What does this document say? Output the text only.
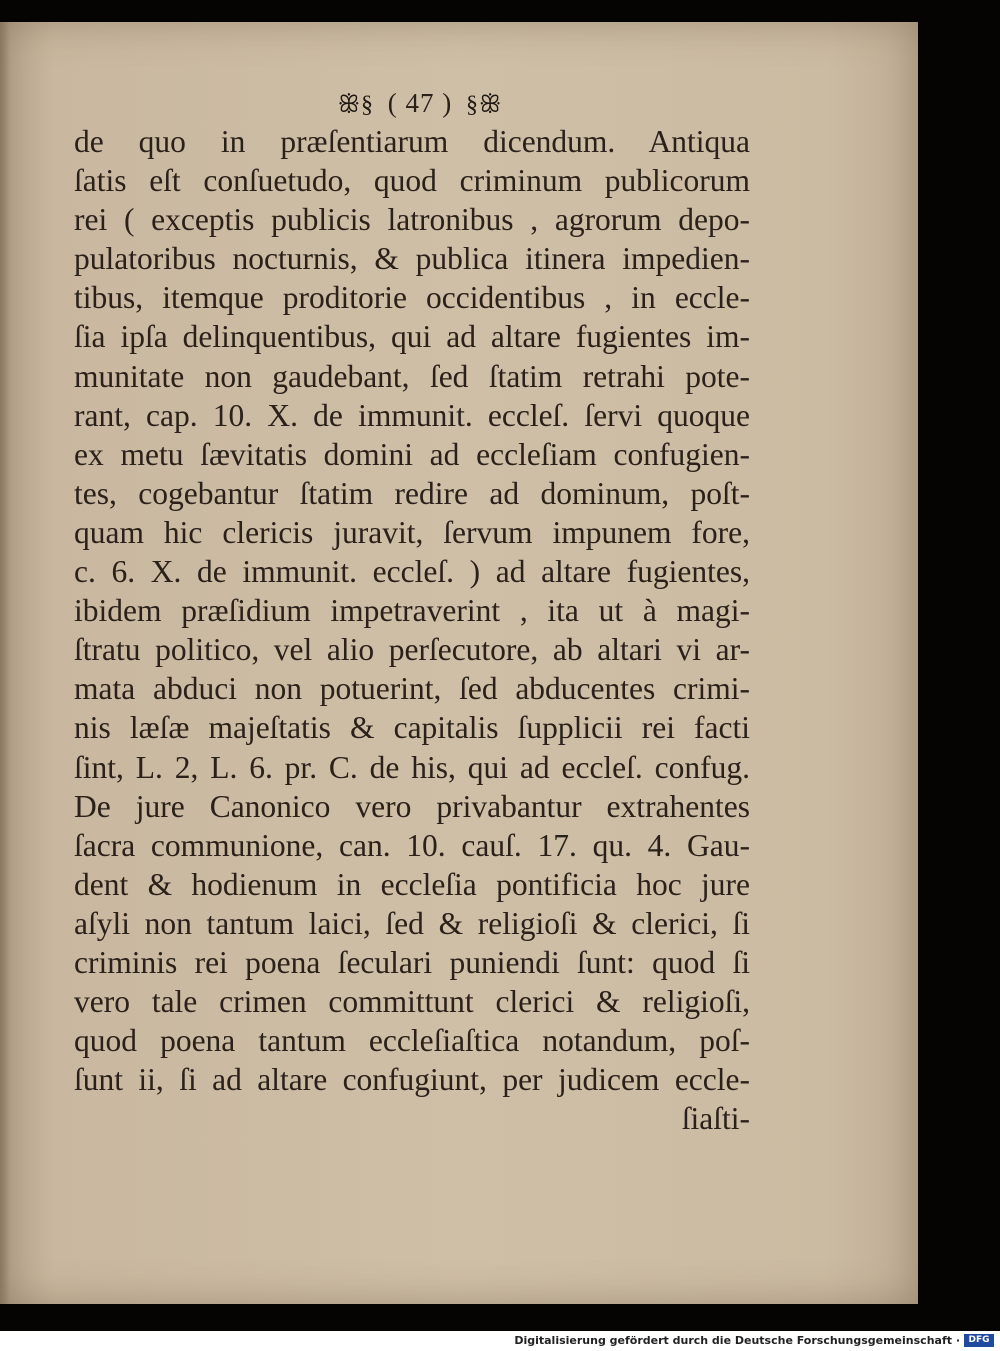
ꕥ§ ( 47 ) §ꕥ
de quo in præſentiarum dicendum. Antiqua
ſatis eſt conſuetudo, quod criminum publicorum
rei ( exceptis publicis latronibus , agrorum depo-
pulatoribus nocturnis, & publica itinera impedien-
tibus, itemque proditorie occidentibus , in eccle-
ſia ipſa delinquentibus, qui ad altare fugientes im-
munitate non gaudebant, ſed ſtatim retrahi pote-
rant, cap. 10. X. de immunit. eccleſ. ſervi quoque
ex metu ſævitatis domini ad eccleſiam confugien-
tes, cogebantur ſtatim redire ad dominum, poſt-
quam hic clericis juravit, ſervum impunem fore,
c. 6. X. de immunit. eccleſ. ) ad altare fugientes,
ibidem præſidium impetraverint , ita ut à magi-
ſtratu politico, vel alio perſecutore, ab altari vi ar-
mata abduci non potuerint, ſed abducentes crimi-
nis læſæ majeſtatis & capitalis ſupplicii rei facti
ſint, L. 2, L. 6. pr. C. de his, qui ad eccleſ. confug.
De jure Canonico vero privabantur extrahentes
ſacra communione, can. 10. cauſ. 17. qu. 4. Gau-
dent & hodienum in eccleſia pontificia hoc jure
aſyli non tantum laici, ſed & religioſi & clerici, ſi
criminis rei poena ſeculari puniendi ſunt: quod ſi
vero tale crimen committunt clerici & religioſi,
quod poena tantum eccleſiaſtica notandum, poſ-
ſunt ii, ſi ad altare confugiunt, per judicem eccle-
ſiaſti-
Digitalisierung gefördert durch die Deutsche Forschungsgemeinschaft · DFG
